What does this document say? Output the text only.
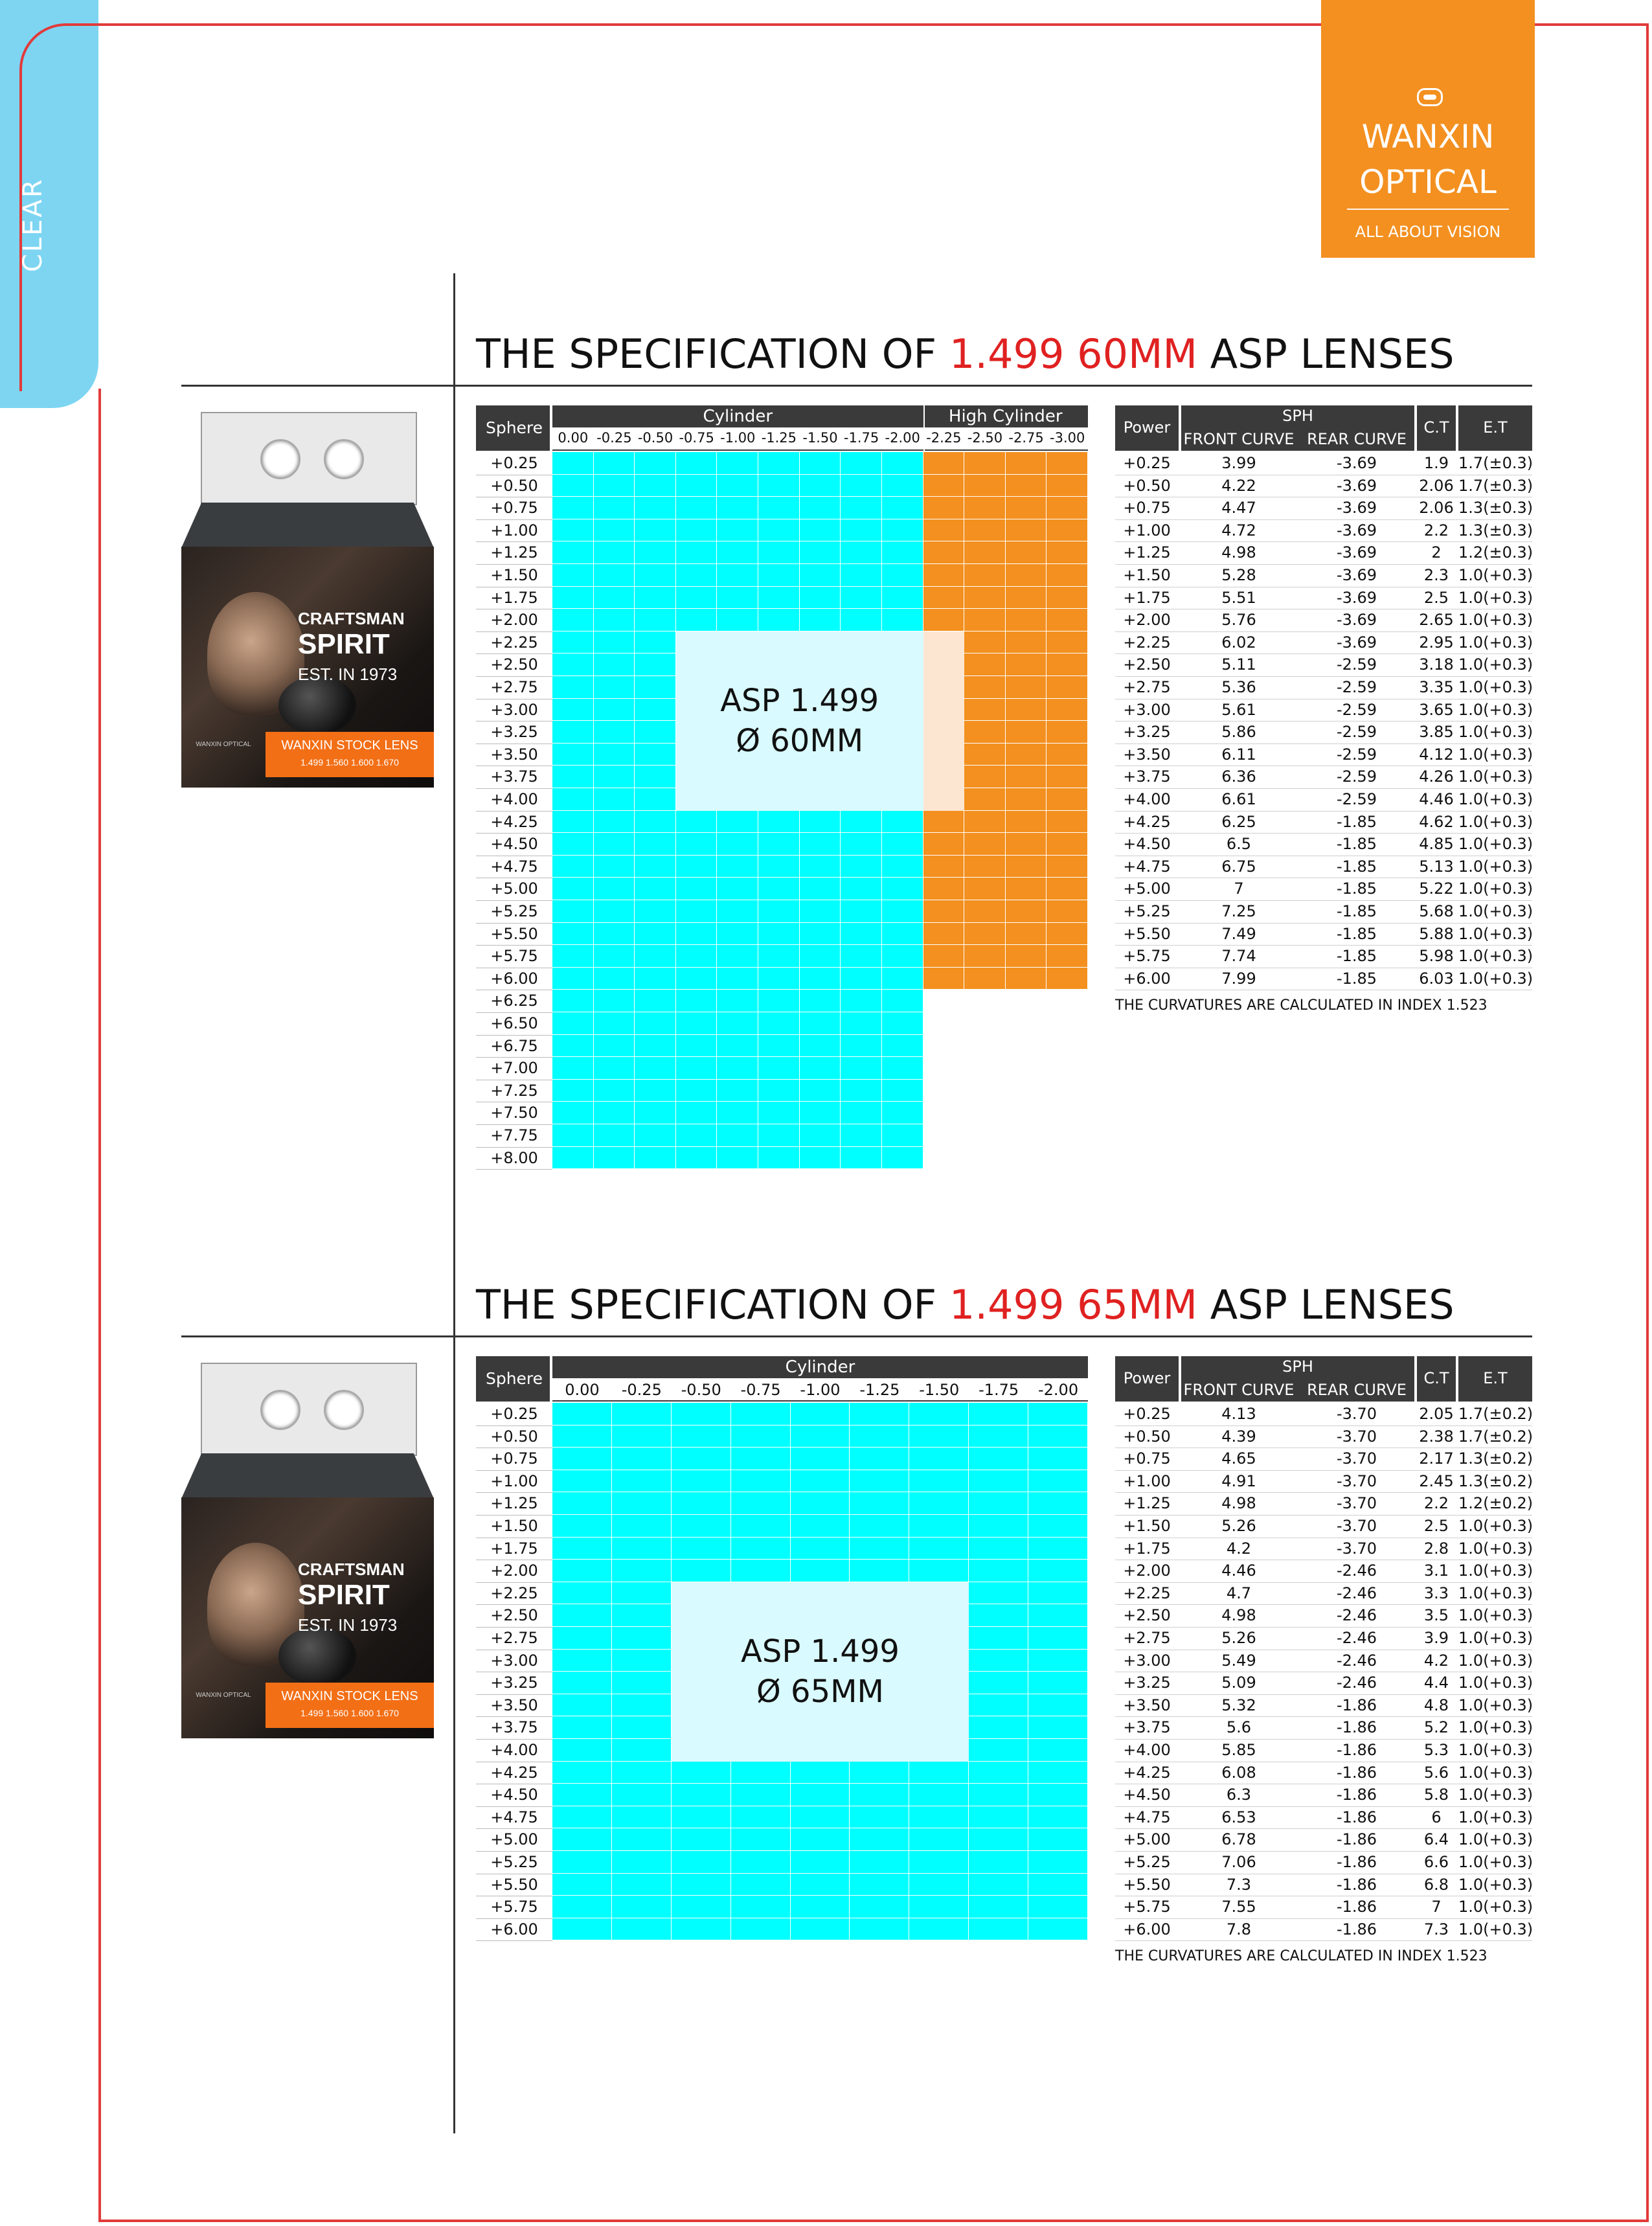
CLEAR
WANXIN
OPTICAL
ALL ABOUT VISION
THE SPECIFICATION OF 1.499 60MM ASP LENSES
THE SPECIFICATION OF 1.499 65MM ASP LENSES
CRAFTSMAN
SPIRIT
EST. IN 1973
WANXIN OPTICAL	WANXIN STOCK LENS
1.499 1.560 1.600 1.670
CRAFTSMAN
SPIRIT
EST. IN 1973
WANXIN OPTICAL	WANXIN STOCK LENS
1.499 1.560 1.600 1.670
Sphere
Cylinder	High Cylinder
0.00 -0.25 -0.50 -0.75 -1.00 -1.25 -1.50 -1.75 -2.00 -2.25 -2.50 -2.75 -3.00
+0.25
+0.50
+0.75
+1.00
+1.25
+1.50
+1.75
+2.00
+2.25
+2.50
+2.75
+3.00
+3.25
+3.50
+3.75
+4.00
+4.25
+4.50
+4.75
+5.00
+5.25
+5.50
+5.75
+6.00
+6.25
+6.50
+6.75
+7.00
+7.25
+7.50
+7.75
+8.00
ASP 1.499
Ø 60MM
Sphere
Cylinder
0.00	-0.25	-0.50	-0.75	-1.00	-1.25	-1.50	-1.75	-2.00
+0.25
+0.50
+0.75
+1.00
+1.25
+1.50
+1.75
+2.00
+2.25
+2.50
+2.75
+3.00
+3.25
+3.50
+3.75
+4.00
+4.25
+4.50
+4.75
+5.00
+5.25
+5.50
+5.75
+6.00
ASP 1.499
Ø 65MM
Power
SPH
FRONT CURVE REAR CURVE
C.T	E.T
+0.25	3.99	-3.69	1.9 1.7(±0.3)
+0.50	4.22	-3.69	2.06 1.7(±0.3)
+0.75	4.47	-3.69	2.06 1.3(±0.3)
+1.00	4.72	-3.69	2.2 1.3(±0.3)
+1.25	4.98	-3.69	2	1.2(±0.3)
+1.50	5.28	-3.69	2.3 1.0(+0.3)
+1.75	5.51	-3.69	2.5 1.0(+0.3)
+2.00	5.76	-3.69	2.65 1.0(+0.3)
+2.25	6.02	-3.69	2.95 1.0(+0.3)
+2.50	5.11	-2.59	3.18 1.0(+0.3)
+2.75	5.36	-2.59	3.35 1.0(+0.3)
+3.00	5.61	-2.59	3.65 1.0(+0.3)
+3.25	5.86	-2.59	3.85 1.0(+0.3)
+3.50	6.11	-2.59	4.12 1.0(+0.3)
+3.75	6.36	-2.59	4.26 1.0(+0.3)
+4.00	6.61	-2.59	4.46 1.0(+0.3)
+4.25	6.25	-1.85	4.62 1.0(+0.3)
+4.50	6.5	-1.85	4.85 1.0(+0.3)
+4.75	6.75	-1.85	5.13 1.0(+0.3)
+5.00	7	-1.85	5.22 1.0(+0.3)
+5.25	7.25	-1.85	5.68 1.0(+0.3)
+5.50	7.49	-1.85	5.88 1.0(+0.3)
+5.75	7.74	-1.85	5.98 1.0(+0.3)
+6.00	7.99	-1.85	6.03 1.0(+0.3)
THE CURVATURES ARE CALCULATED IN INDEX 1.523
Power
SPH
FRONT CURVE REAR CURVE
C.T	E.T
+0.25	4.13	-3.70	2.05 1.7(±0.2)
+0.50	4.39	-3.70	2.38 1.7(±0.2)
+0.75	4.65	-3.70	2.17 1.3(±0.2)
+1.00	4.91	-3.70	2.45 1.3(±0.2)
+1.25	4.98	-3.70	2.2 1.2(±0.2)
+1.50	5.26	-3.70	2.5 1.0(+0.3)
+1.75	4.2	-3.70	2.8 1.0(+0.3)
+2.00	4.46	-2.46	3.1 1.0(+0.3)
+2.25	4.7	-2.46	3.3 1.0(+0.3)
+2.50	4.98	-2.46	3.5 1.0(+0.3)
+2.75	5.26	-2.46	3.9 1.0(+0.3)
+3.00	5.49	-2.46	4.2 1.0(+0.3)
+3.25	5.09	-2.46	4.4 1.0(+0.3)
+3.50	5.32	-1.86	4.8 1.0(+0.3)
+3.75	5.6	-1.86	5.2 1.0(+0.3)
+4.00	5.85	-1.86	5.3 1.0(+0.3)
+4.25	6.08	-1.86	5.6 1.0(+0.3)
+4.50	6.3	-1.86	5.8 1.0(+0.3)
+4.75	6.53	-1.86	6	1.0(+0.3)
+5.00	6.78	-1.86	6.4 1.0(+0.3)
+5.25	7.06	-1.86	6.6 1.0(+0.3)
+5.50	7.3	-1.86	6.8 1.0(+0.3)
+5.75	7.55	-1.86	7	1.0(+0.3)
+6.00	7.8	-1.86	7.3 1.0(+0.3)
THE CURVATURES ARE CALCULATED IN INDEX 1.523
